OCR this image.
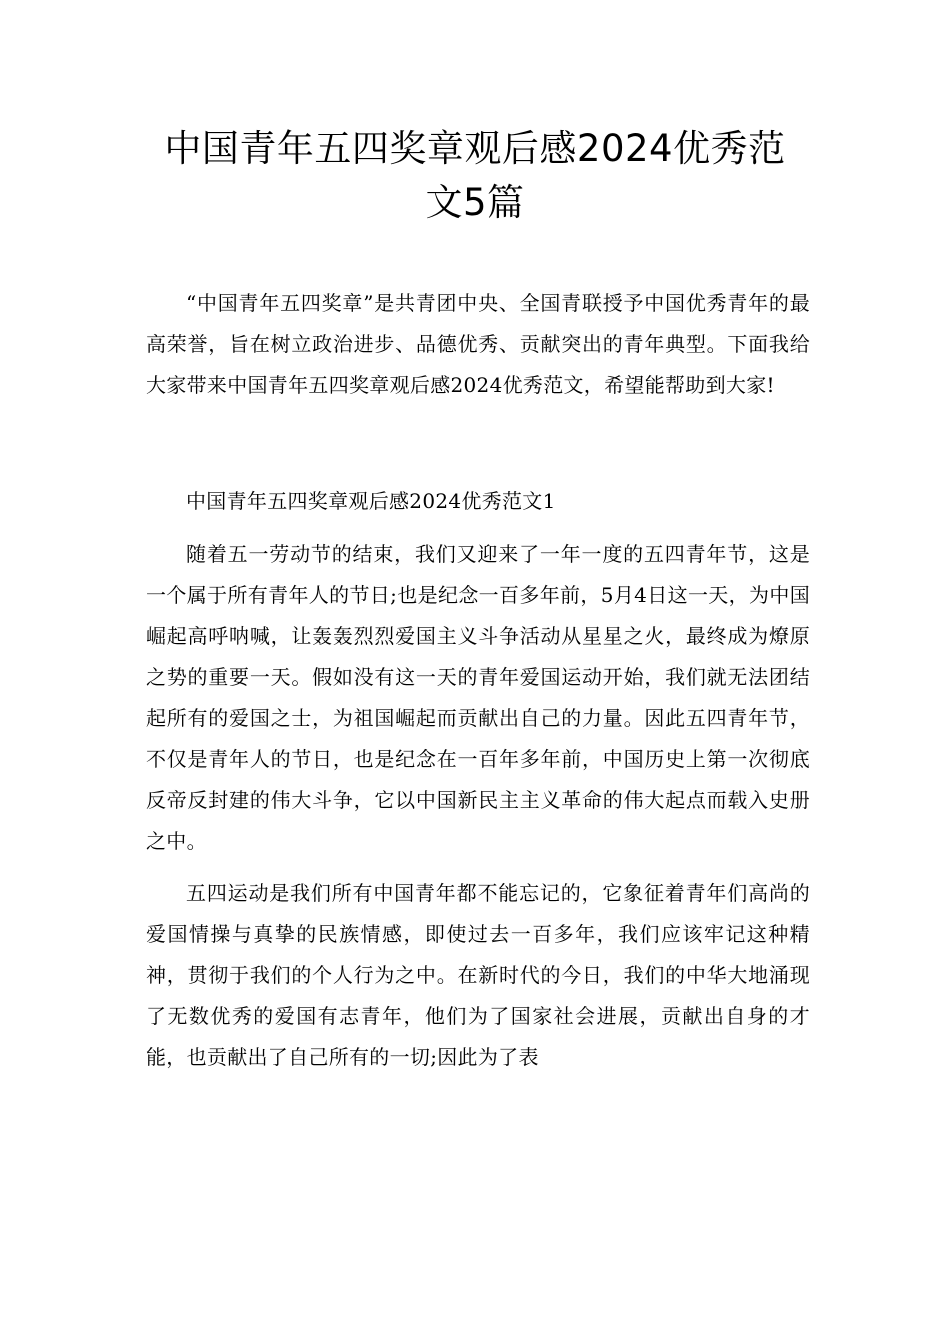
中国青年五四奖章观后感2024优秀范
文5篇

“中国青年五四奖章”是共青团中央、全国青联授予中国优秀青年的最高荣誉，旨在树立政治进步、品德优秀、贡献突出的青年典型。下面我给大家带来中国青年五四奖章观后感2024优秀范文，希望能帮助到大家!

中国青年五四奖章观后感2024优秀范文1

随着五一劳动节的结束，我们又迎来了一年一度的五四青年节，这是一个属于所有青年人的节日;也是纪念一百多年前，5月4日这一天，为中国崛起高呼呐喊，让轰轰烈烈爱国主义斗争活动从星星之火，最终成为燎原之势的重要一天。假如没有这一天的青年爱国运动开始，我们就无法团结起所有的爱国之士，为祖国崛起而贡献出自己的力量。因此五四青年节，不仅是青年人的节日，也是纪念在一百年多年前，中国历史上第一次彻底反帝反封建的伟大斗争，它以中国新民主主义革命的伟大起点而载入史册之中。

五四运动是我们所有中国青年都不能忘记的，它象征着青年们高尚的爱国情操与真挚的民族情感，即使过去一百多年，我们应该牢记这种精神，贯彻于我们的个人行为之中。在新时代的今日，我们的中华大地涌现了无数优秀的爱国有志青年，他们为了国家社会进展，贡献出自身的才能，也贡献出了自己所有的一切;因此为了表
